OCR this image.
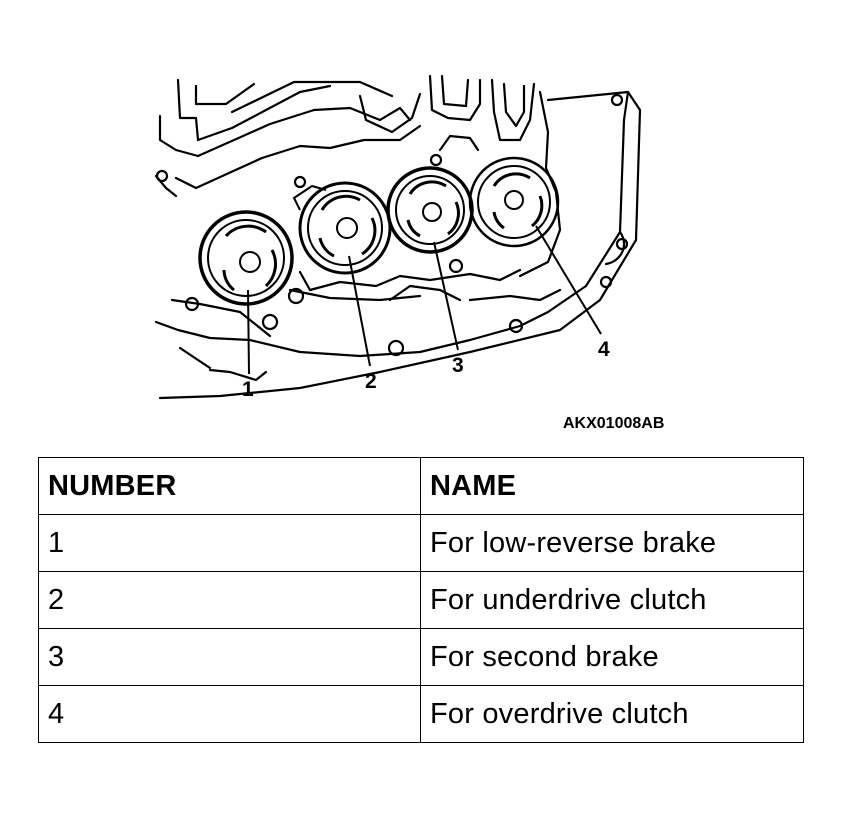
1	2
3
4
AKX01008AB
NUMBER	NAME
1	For low-reverse brake
2	For underdrive clutch
3	For second brake
4	For overdrive clutch
